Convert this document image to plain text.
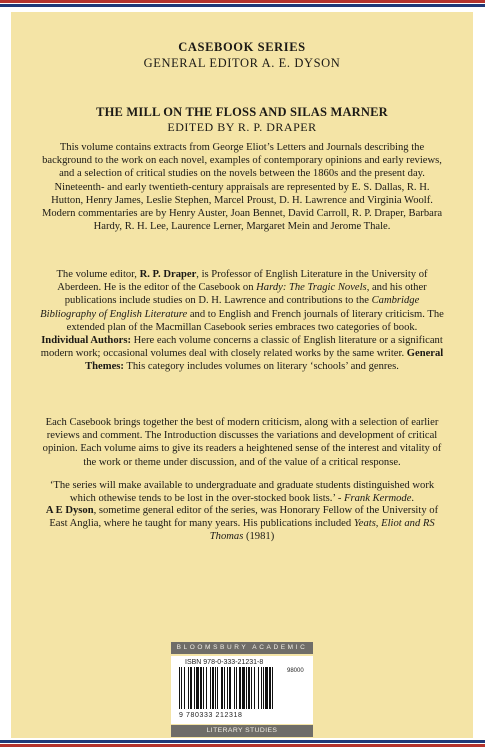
CASEBOOK SERIES
GENERAL EDITOR A. E. DYSON
THE MILL ON THE FLOSS AND SILAS MARNER
EDITED BY R. P. DRAPER
This volume contains extracts from George Eliot’s Letters and Journals describing the background to the work on each novel, examples of contemporary opinions and early reviews, and a selection of critical studies on the novels between the 1860s and the present day. Nineteenth- and early twentieth-century appraisals are represented by E. S. Dallas, R. H. Hutton, Henry James, Leslie Stephen, Marcel Proust, D. H. Lawrence and Virginia Woolf. Modern commentaries are by Henry Auster, Joan Bennet, David Carroll, R. P. Draper, Barbara Hardy, R. H. Lee, Laurence Lerner, Margaret Mein and Jerome Thale.
The volume editor, R. P. Draper, is Professor of English Literature in the University of Aberdeen. He is the editor of the Casebook on Hardy: The Tragic Novels, and his other publications include studies on D. H. Lawrence and contributions to the Cambridge Bibliography of English Literature and to English and French journals of literary criticism. The extended plan of the Macmillan Casebook series embraces two categories of book.
Individual Authors: Here each volume concerns a classic of English literature or a significant modern work; occasional volumes deal with closely related works by the same writer. General Themes: This category includes volumes on literary ‘schools’ and genres.
Each Casebook brings together the best of modern criticism, along with a selection of earlier reviews and comment. The Introduction discusses the variations and development of critical opinion. Each volume aims to give its readers a heightened sense of the interest and vitality of the work or theme under discussion, and of the value of a critical response.
‘The series will make available to undergraduate and graduate students distinguished work which othewise tends to be lost in the over-stocked book lists.’ - Frank Kermode.
A E Dyson, sometime general editor of the series, was Honorary Fellow of the University of East Anglia, where he taught for many years. His publications included Yeats, Eliot and RS Thomas (1981)
BLOOMSBURY ACADEMIC
ISBN 978-0-333-21231-8
98000
9 780333 212318
LITERARY STUDIES
